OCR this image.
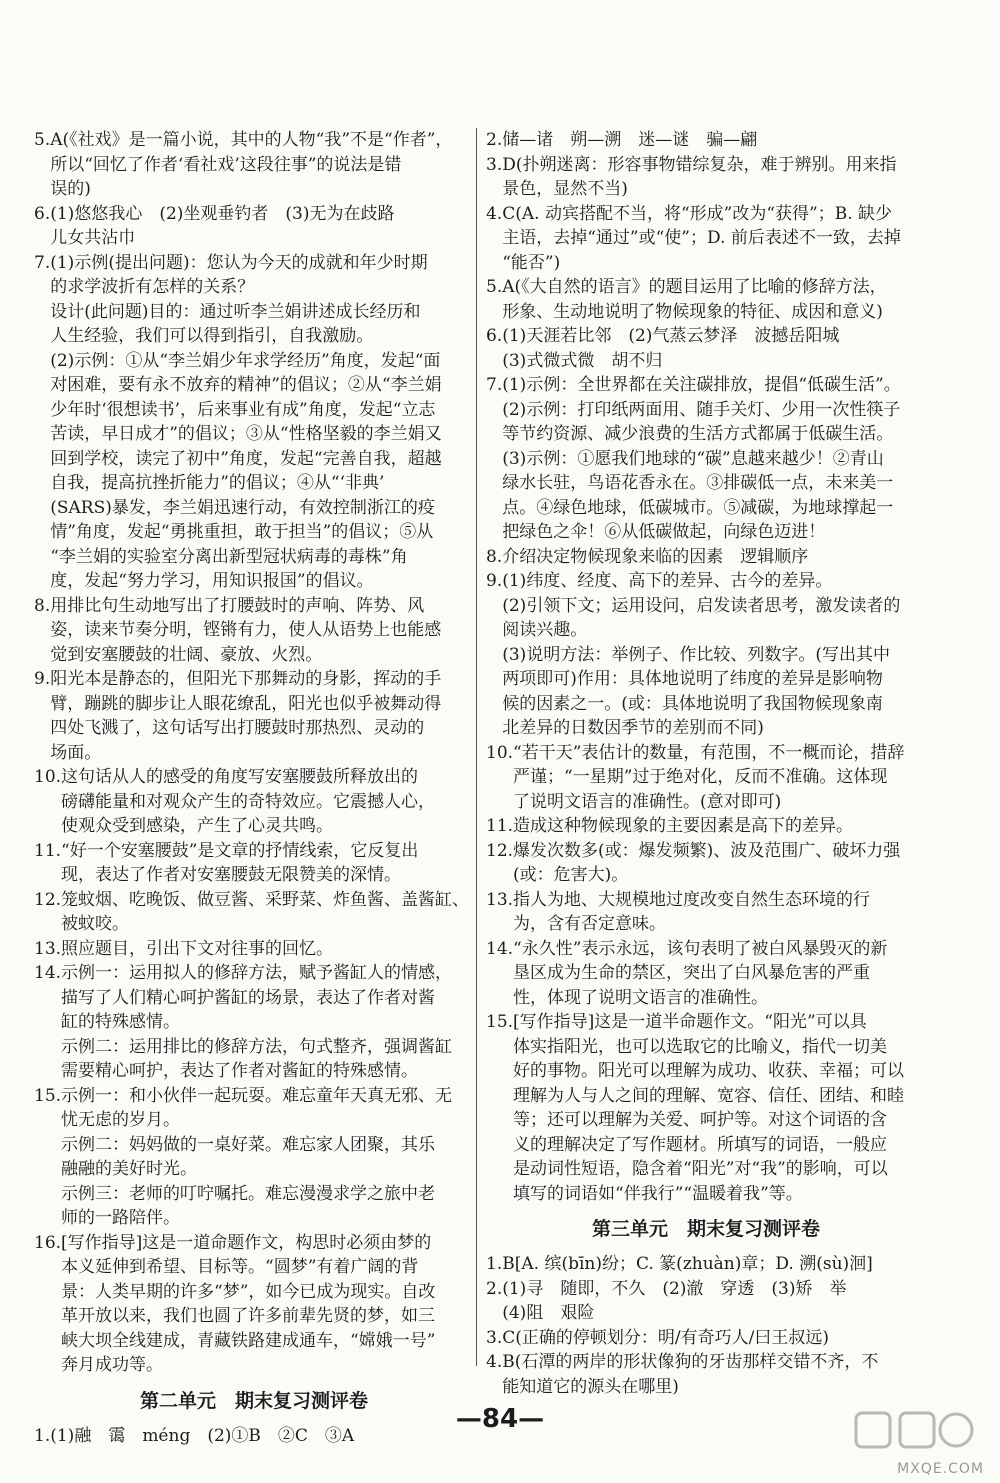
5. A(《社戏》是一篇小说，其中的人物“我”不是“作者”，
所以“回忆了作者‘看社戏’这段往事”的说法是错
误的)
6. (1)悠悠我心　(2)坐观垂钓者　(3)无为在歧路
儿女共沾巾
7. (1)示例(提出问题)：您认为今天的成就和年少时期
的求学波折有怎样的关系？
设计(此问题)目的：通过听李兰娟讲述成长经历和
人生经验，我们可以得到指引，自我激励。
(2)示例：①从“李兰娟少年求学经历”角度，发起“面
对困难，要有永不放弃的精神”的倡议；②从“李兰娟
少年时‘很想读书’，后来事业有成”角度，发起“立志
苦读，早日成才”的倡议；③从“性格坚毅的李兰娟又
回到学校，读完了初中”角度，发起“完善自我，超越
自我，提高抗挫折能力”的倡议；④从“‘非典’
(SARS)暴发，李兰娟迅速行动，有效控制浙江的疫
情”角度，发起“勇挑重担，敢于担当”的倡议；⑤从
“李兰娟的实验室分离出新型冠状病毒的毒株”角
度，发起“努力学习，用知识报国”的倡议。
8. 用排比句生动地写出了打腰鼓时的声响、阵势、风
姿，读来节奏分明，铿锵有力，使人从语势上也能感
觉到安塞腰鼓的壮阔、豪放、火烈。
9. 阳光本是静态的，但阳光下那舞动的身影，挥动的手
臂，蹦跳的脚步让人眼花缭乱，阳光也似乎被舞动得
四处飞溅了，这句话写出打腰鼓时那热烈、灵动的
场面。
10. 这句话从人的感受的角度写安塞腰鼓所释放出的
磅礴能量和对观众产生的奇特效应。它震撼人心，
使观众受到感染，产生了心灵共鸣。
11. “好一个安塞腰鼓”是文章的抒情线索，它反复出
现，表达了作者对安塞腰鼓无限赞美的深情。
12. 笼蚊烟、吃晚饭、做豆酱、采野菜、炸鱼酱、盖酱缸、
被蚊咬。
13. 照应题目，引出下文对往事的回忆。
14. 示例一：运用拟人的修辞方法，赋予酱缸人的情感，
描写了人们精心呵护酱缸的场景，表达了作者对酱
缸的特殊感情。
示例二：运用排比的修辞方法，句式整齐，强调酱缸
需要精心呵护，表达了作者对酱缸的特殊感情。
15. 示例一：和小伙伴一起玩耍。难忘童年天真无邪、无
忧无虑的岁月。
示例二：妈妈做的一桌好菜。难忘家人团聚，其乐
融融的美好时光。
示例三：老师的叮咛嘱托。难忘漫漫求学之旅中老
师的一路陪伴。
16. [写作指导]这是一道命题作文，构思时必须由梦的
本义延伸到希望、目标等。“圆梦”有着广阔的背
景：人类早期的许多“梦”，如今已成为现实。自改
革开放以来，我们也圆了许多前辈先贤的梦，如三
峡大坝全线建成，青藏铁路建成通车，“嫦娥一号”
奔月成功等。
第二单元　期末复习测评卷
1. (1)融　霭　méng　(2)①B　②C　③A
2. 储—诸　朔—溯　迷—谜　骗—翩
3. D(扑朔迷离：形容事物错综复杂，难于辨别。用来指
景色，显然不当)
4. C(A. 动宾搭配不当，将“形成”改为“获得”；B. 缺少
主语，去掉“通过”或“使”；D. 前后表述不一致，去掉
“能否”)
5. A(《大自然的语言》的题目运用了比喻的修辞方法，
形象、生动地说明了物候现象的特征、成因和意义)
6. (1)天涯若比邻　(2)气蒸云梦泽　波撼岳阳城
(3)式微式微　胡不归
7. (1)示例：全世界都在关注碳排放，提倡“低碳生活”。
(2)示例：打印纸两面用、随手关灯、少用一次性筷子
等节约资源、减少浪费的生活方式都属于低碳生活。
(3)示例：①愿我们地球的“碳”息越来越少！②青山
绿水长驻，鸟语花香永在。③排碳低一点，未来美一
点。④绿色地球，低碳城市。⑤减碳，为地球撑起一
把绿色之伞！⑥从低碳做起，向绿色迈进！
8. 介绍决定物候现象来临的因素　逻辑顺序
9. (1)纬度、经度、高下的差异、古今的差异。
(2)引领下文；运用设问，启发读者思考，激发读者的
阅读兴趣。
(3)说明方法：举例子、作比较、列数字。(写出其中
两项即可)作用：具体地说明了纬度的差异是影响物
候的因素之一。(或：具体地说明了我国物候现象南
北差异的日数因季节的差别而不同)
10. “若干天”表估计的数量，有范围，不一概而论，措辞
严谨；“一星期”过于绝对化，反而不准确。这体现
了说明文语言的准确性。(意对即可)
11. 造成这种物候现象的主要因素是高下的差异。
12. 爆发次数多(或：爆发频繁)、波及范围广、破坏力强
(或：危害大)。
13. 指人为地、大规模地过度改变自然生态环境的行
为，含有否定意味。
14. “永久性”表示永远，该句表明了被白风暴毁灭的新
垦区成为生命的禁区，突出了白风暴危害的严重
性，体现了说明文语言的准确性。
15. [写作指导]这是一道半命题作文。“阳光”可以具
体实指阳光，也可以选取它的比喻义，指代一切美
好的事物。阳光可以理解为成功、收获、幸福；可以
理解为人与人之间的理解、宽容、信任、团结、和睦
等；还可以理解为关爱、呵护等。对这个词语的含
义的理解决定了写作题材。所填写的词语，一般应
是动词性短语，隐含着“阳光”对“我”的影响，可以
填写的词语如“伴我行”“温暖着我”等。
第三单元　期末复习测评卷
1. B[A. 缤(bīn)纷；C. 篆(zhuàn)章；D. 溯(sù)洄]
2. (1)寻　随即，不久　(2)澈　穿透　(3)矫　举
(4)阻　艰险
3. C(正确的停顿划分：明/有奇巧人/曰王叔远)
4. B(石潭的两岸的形状像狗的牙齿那样交错不齐，不
能知道它的源头在哪里)
—84—
MXQE.COM
